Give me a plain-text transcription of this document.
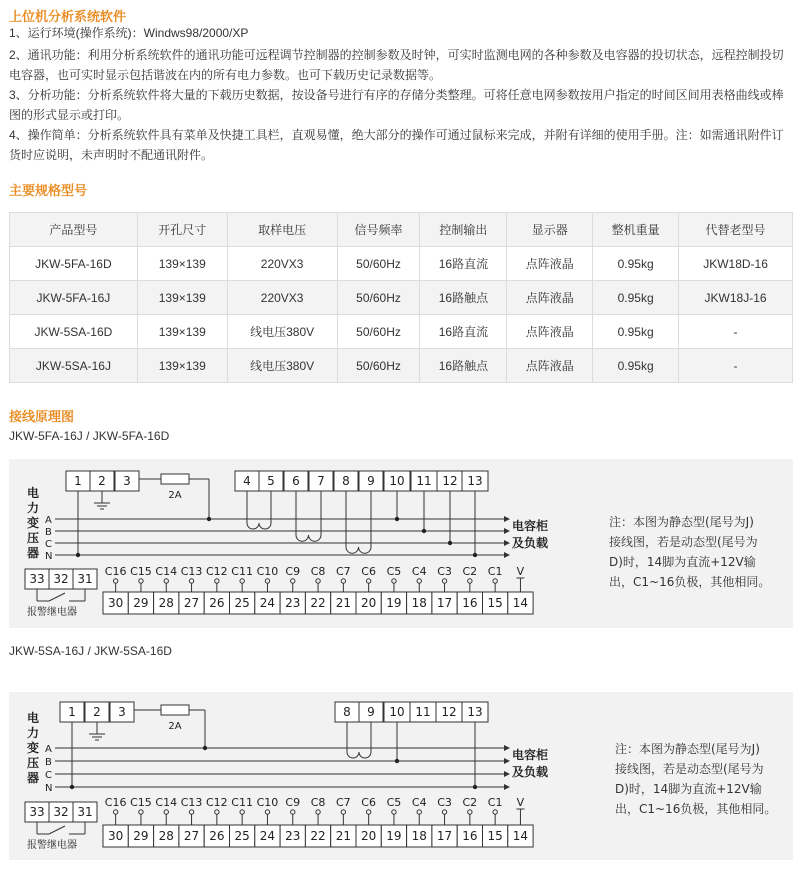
上位机分析系统软件
1、运行环境(操作系统)：Windws98/2000/XP
2、通讯功能：利用分析系统软件的通讯功能可远程调节控制器的控制参数及时钟，可实时监测电网的各种参数及电容器的投切状态，远程控制投切电容器，也可实时显示包括谐波在内的所有电力参数。也可下载历史记录数据等。
3、分析功能：分析系统软件将大量的下载历史数据，按设备号进行有序的存储分类整理。可将任意电网参数按用户指定的时间区间用表格曲线或棒图的形式显示或打印。
4、操作简单：分析系统软件具有菜单及快捷工具栏，直观易懂，绝大部分的操作可通过鼠标来完成，并附有详细的使用手册。注：如需通讯附件订货时应说明，未声明时不配通讯附件。
主要规格型号
产品型号	开孔尺寸	取样电压	信号频率	控制输出	显示器	整机重量	代替老型号
JKW-5FA-16D	139×139	220VX3	50/60Hz	16路直流	点阵液晶	0.95kg	JKW18D-16
JKW-5FA-16J	139×139	220VX3	50/60Hz	16路触点	点阵液晶	0.95kg	JKW18J-16
JKW-5SA-16D	139×139	线电压380V	50/60Hz	16路直流	点阵液晶	0.95kg	-
JKW-5SA-16J	139×139	线电压380V	50/60Hz	16路触点	点阵液晶	0.95kg	-
接线原理图
JKW-5FA-16J / JKW-5FA-16D
1 2 3	4 5 6 7 8 9 10 11 12 13
电
力
变
压
器
A
B
C
N
电容柜
及负载
2A
33 32 31
报警继电器
C16 C15 C14 C13 C12 C11 C10 C9 C8 C7 C6 C5 C4 C3 C2 C1 V
30 29 28 27 26 25 24 23 22 21 20 19 18 17 16 15 14
注：本图为静态型(尾号为J)
接线图，若是动态型(尾号为
D)时，14脚为直流+12V输
出，C1~16负极，其他相同。
JKW-5SA-16J / JKW-5SA-16D
1 2 3	8 9 10 11 12 13
电
力
变
压
器
A
B
C
N
电容柜
及负载
2A
33 32 31
报警继电器
C16 C15 C14 C13 C12 C11 C10 C9 C8 C7 C6 C5 C4 C3 C2 C1 V
30 29 28 27 26 25 24 23 22 21 20 19 18 17 16 15 14
注：本图为静态型(尾号为J)
接线图，若是动态型(尾号为
D)时，14脚为直流+12V输
出，C1~16负极，其他相同。
